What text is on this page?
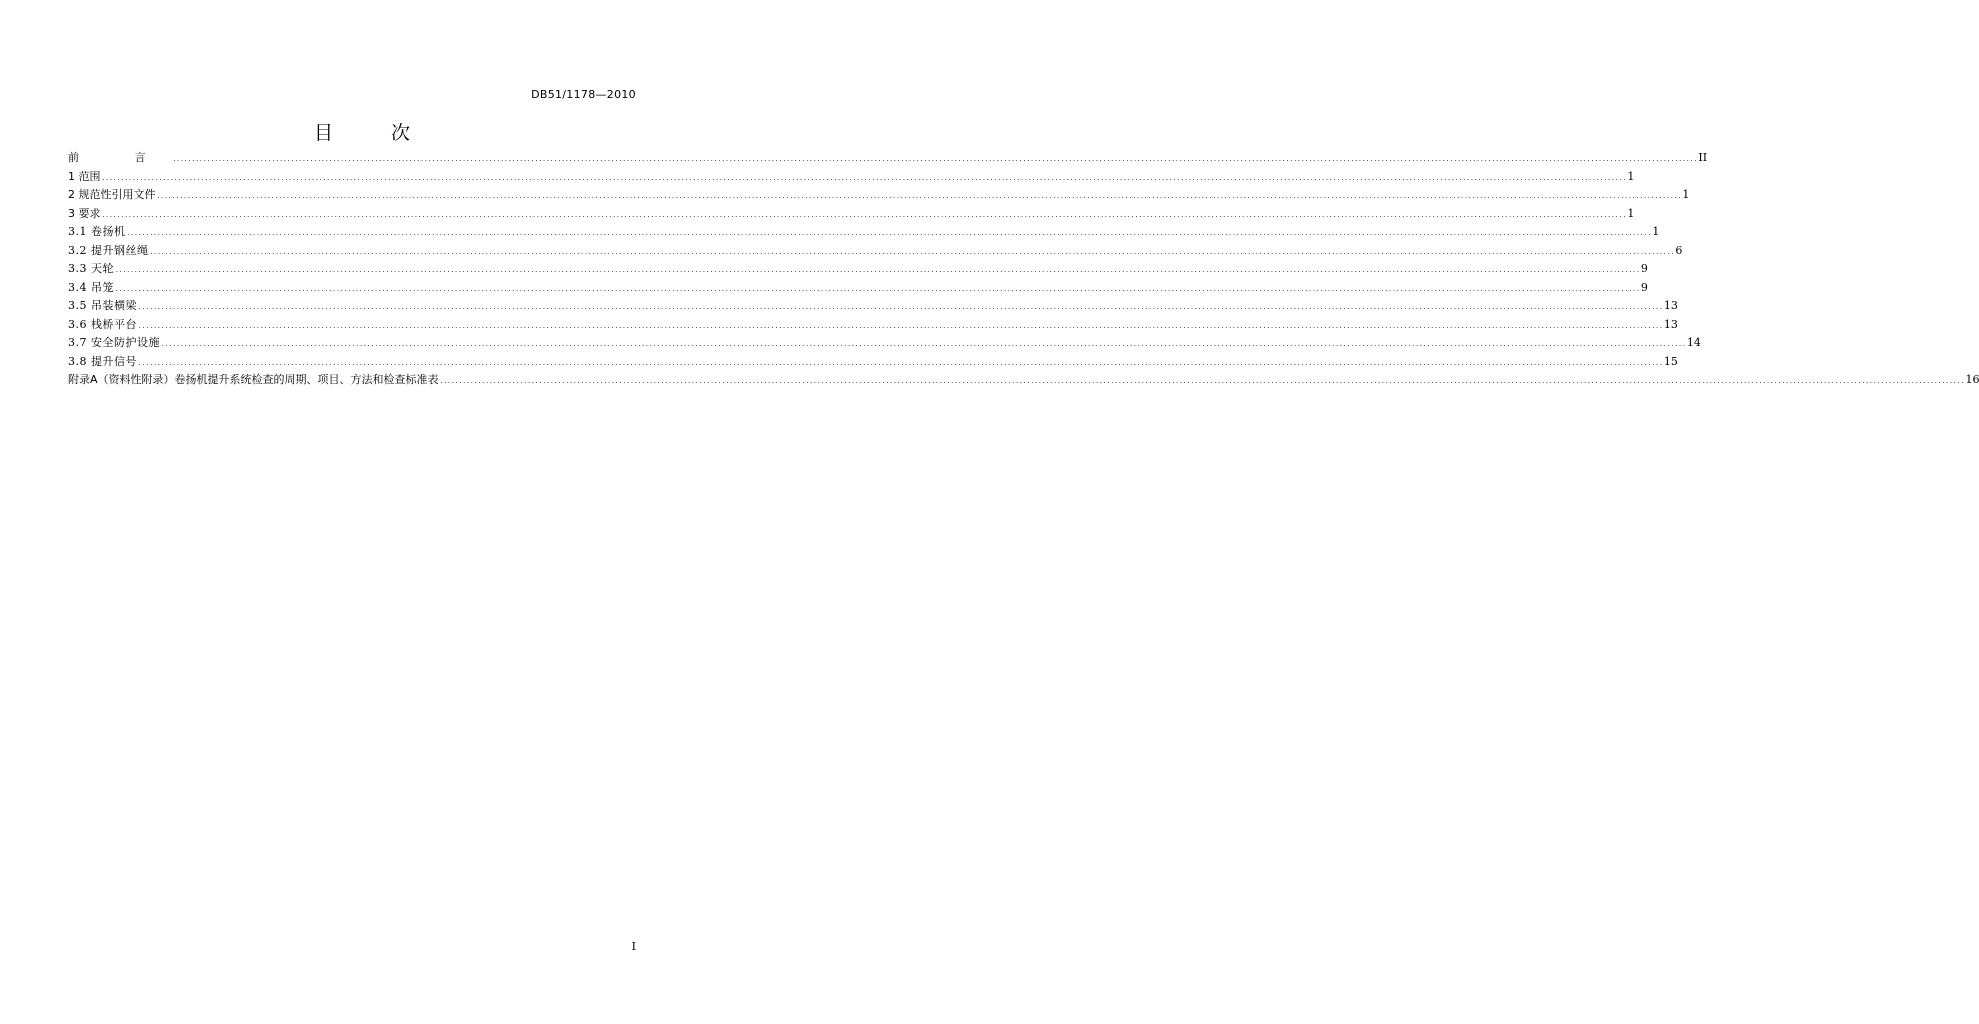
DB51/1178—2010
目 次
前 言 ................................................................................................................................................................................................................................................................................................................................................................................................................ II
1 范围 ................................................................................................................................................................................................................................................................................................................................................................................................................ 1
2 规范性引用文件 ................................................................................................................................................................................................................................................................................................................................................................................................................ 1
3 要求 ................................................................................................................................................................................................................................................................................................................................................................................................................ 1
3.1 卷扬机 ................................................................................................................................................................................................................................................................................................................................................................................................................ 1
3.2 提升钢丝绳 ................................................................................................................................................................................................................................................................................................................................................................................................................ 6
3.3 天轮 ................................................................................................................................................................................................................................................................................................................................................................................................................ 9
3.4 吊笼 ................................................................................................................................................................................................................................................................................................................................................................................................................ 9
3.5 吊装横梁 ................................................................................................................................................................................................................................................................................................................................................................................................................ 13
3.6 栈桥平台 ................................................................................................................................................................................................................................................................................................................................................................................................................ 13
3.7 安全防护设施 ................................................................................................................................................................................................................................................................................................................................................................................................................ 14
3.8 提升信号 ................................................................................................................................................................................................................................................................................................................................................................................................................ 15
附录A（资料性附录）卷扬机提升系统检查的周期、项目、方法和检查标准表 ................................................................................................................................................................................................................................................................................................................................................................................................................ 16
I
